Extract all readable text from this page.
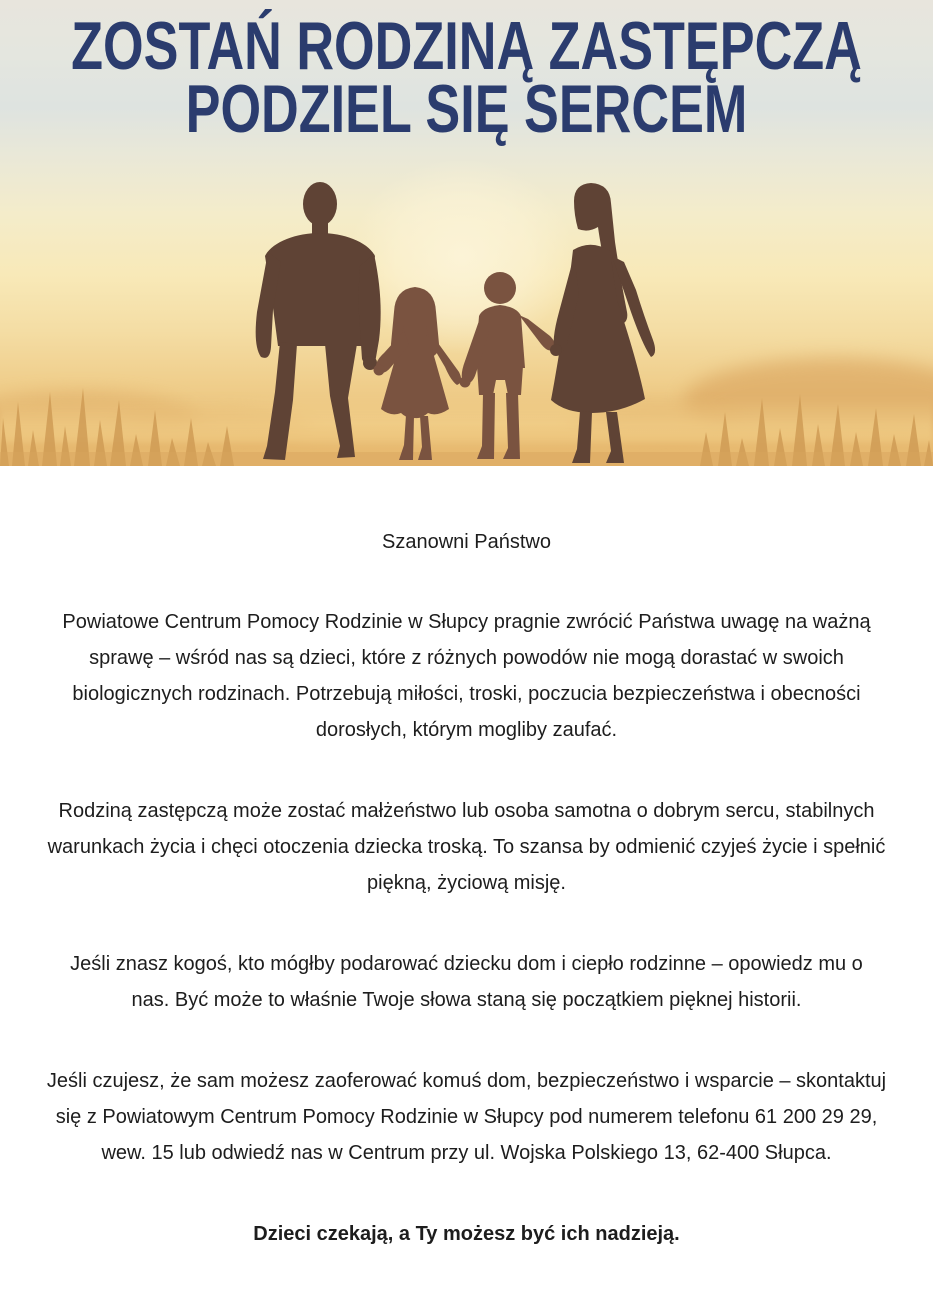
ZOSTAŃ RODZINĄ ZASTĘPCZĄ
PODZIEL SIĘ SERCEM

Szanowni Państwo

Powiatowe Centrum Pomocy Rodzinie w Słupcy pragnie zwrócić Państwa uwagę na ważną
sprawę – wśród nas są dzieci, które z różnych powodów nie mogą dorastać w swoich
biologicznych rodzinach. Potrzebują miłości, troski, poczucia bezpieczeństwa i obecności
dorosłych, którym mogliby zaufać.

Rodziną zastępczą może zostać małżeństwo lub osoba samotna o dobrym sercu, stabilnych
warunkach życia i chęci otoczenia dziecka troską. To szansa by odmienić czyjeś życie i spełnić
piękną, życiową misję.

Jeśli znasz kogoś, kto mógłby podarować dziecku dom i ciepło rodzinne – opowiedz mu o
nas. Być może to właśnie Twoje słowa staną się początkiem pięknej historii.

Jeśli czujesz, że sam możesz zaoferować komuś dom, bezpieczeństwo i wsparcie – skontaktuj
się z Powiatowym Centrum Pomocy Rodzinie w Słupcy pod numerem telefonu 61 200 29 29,
wew. 15 lub odwiedź nas w Centrum przy ul. Wojska Polskiego 13, 62-400 Słupca.

Dzieci czekają, a Ty możesz być ich nadzieją.
